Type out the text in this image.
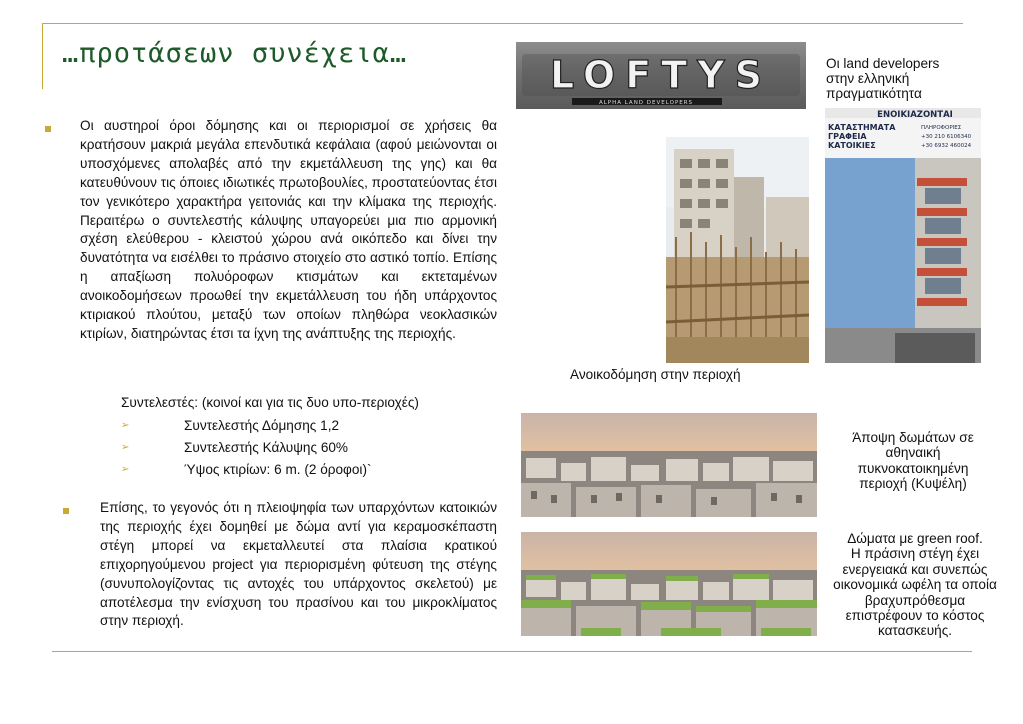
…προτάσεων συνέχεια…
Οι αυστηροί όροι δόμησης και οι περιορισμοί σε χρήσεις θα κρατήσουν μακριά μεγάλα επενδυτικά κεφάλαια (αφού μειώνονται οι υποσχόμενες απολαβές από την εκμετάλλευση της γης) και θα κατευθύνουν τις όποιες ιδιωτικές πρωτοβουλίες, προστατεύοντας έτσι τον γενικότερο χαρακτήρα γειτονιάς και την κλίμακα της περιοχής. Περαιτέρω ο συντελεστής κάλυψης υπαγορεύει μια πιο αρμονική σχέση ελεύθερου - κλειστού χώρου ανά οικόπεδο και δίνει την δυνατότητα να εισέλθει το πράσινο στοιχείο στο αστικό τοπίο. Επίσης η απαξίωση πολυόροφων κτισμάτων και εκτεταμένων ανοικοδομήσεων προωθεί την εκμετάλλευση του ήδη υπάρχοντος κτιριακού πλούτου, μεταξύ των οποίων πληθώρα νεοκλασικών κτιρίων, διατηρώντας έτσι τα ίχνη της ανάπτυξης της περιοχής.
Συντελεστές: (κοινοί και για τις δυο υπο-περιοχές)
➢	Συντελεστής Δόμησης 1,2
➢	Συντελεστής Κάλυψης 60%
➢	Ύψος κτιρίων: 6 m. (2 όροφοι)`
Επίσης, το γεγονός ότι η πλειοψηφία των υπαρχόντων κατοικιών της περιοχής έχει δομηθεί με δώμα αντί για κεραμοσκέπαστη στέγη μπορεί να εκμεταλλευτεί στα πλαίσια κρατικού επιχορηγούμενου project για περιορισμένη φύτευση της στέγης (συνυπολογίζοντας τις αντοχές του υπάρχοντος σκελετού) με αποτέλεσμα την ενίσχυση του πρασίνου και του μικροκλίματος στην περιοχή.
LOFTYS
ALPHA LAND DEVELOPERS
Οι land developers
στην ελληνική
πραγματικότητα
Ανοικοδόμηση στην περιοχή
ΕΝΟΙΚΙΑΖΟΝΤΑΙ
ΚΑΤΑΣΤΗΜΑΤΑ
ΓΡΑΦΕΙΑ
ΚΑΤΟΙΚΙΕΣ
ΠΛΗΡΟΦΟΡΙΕΣ
+30 210 6106340
+30 6932 460024
Άποψη δωμάτων σε
αθηναική
πυκνοκατοικημένη
περιοχή (Κυψέλη)
Δώματα με green roof.
Η πράσινη στέγη έχει
ενεργειακά και συνεπώς
οικονομικά ωφέλη τα οποία
βραχυπρόθεσμα
επιστρέφουν το κόστος
κατασκευής.
